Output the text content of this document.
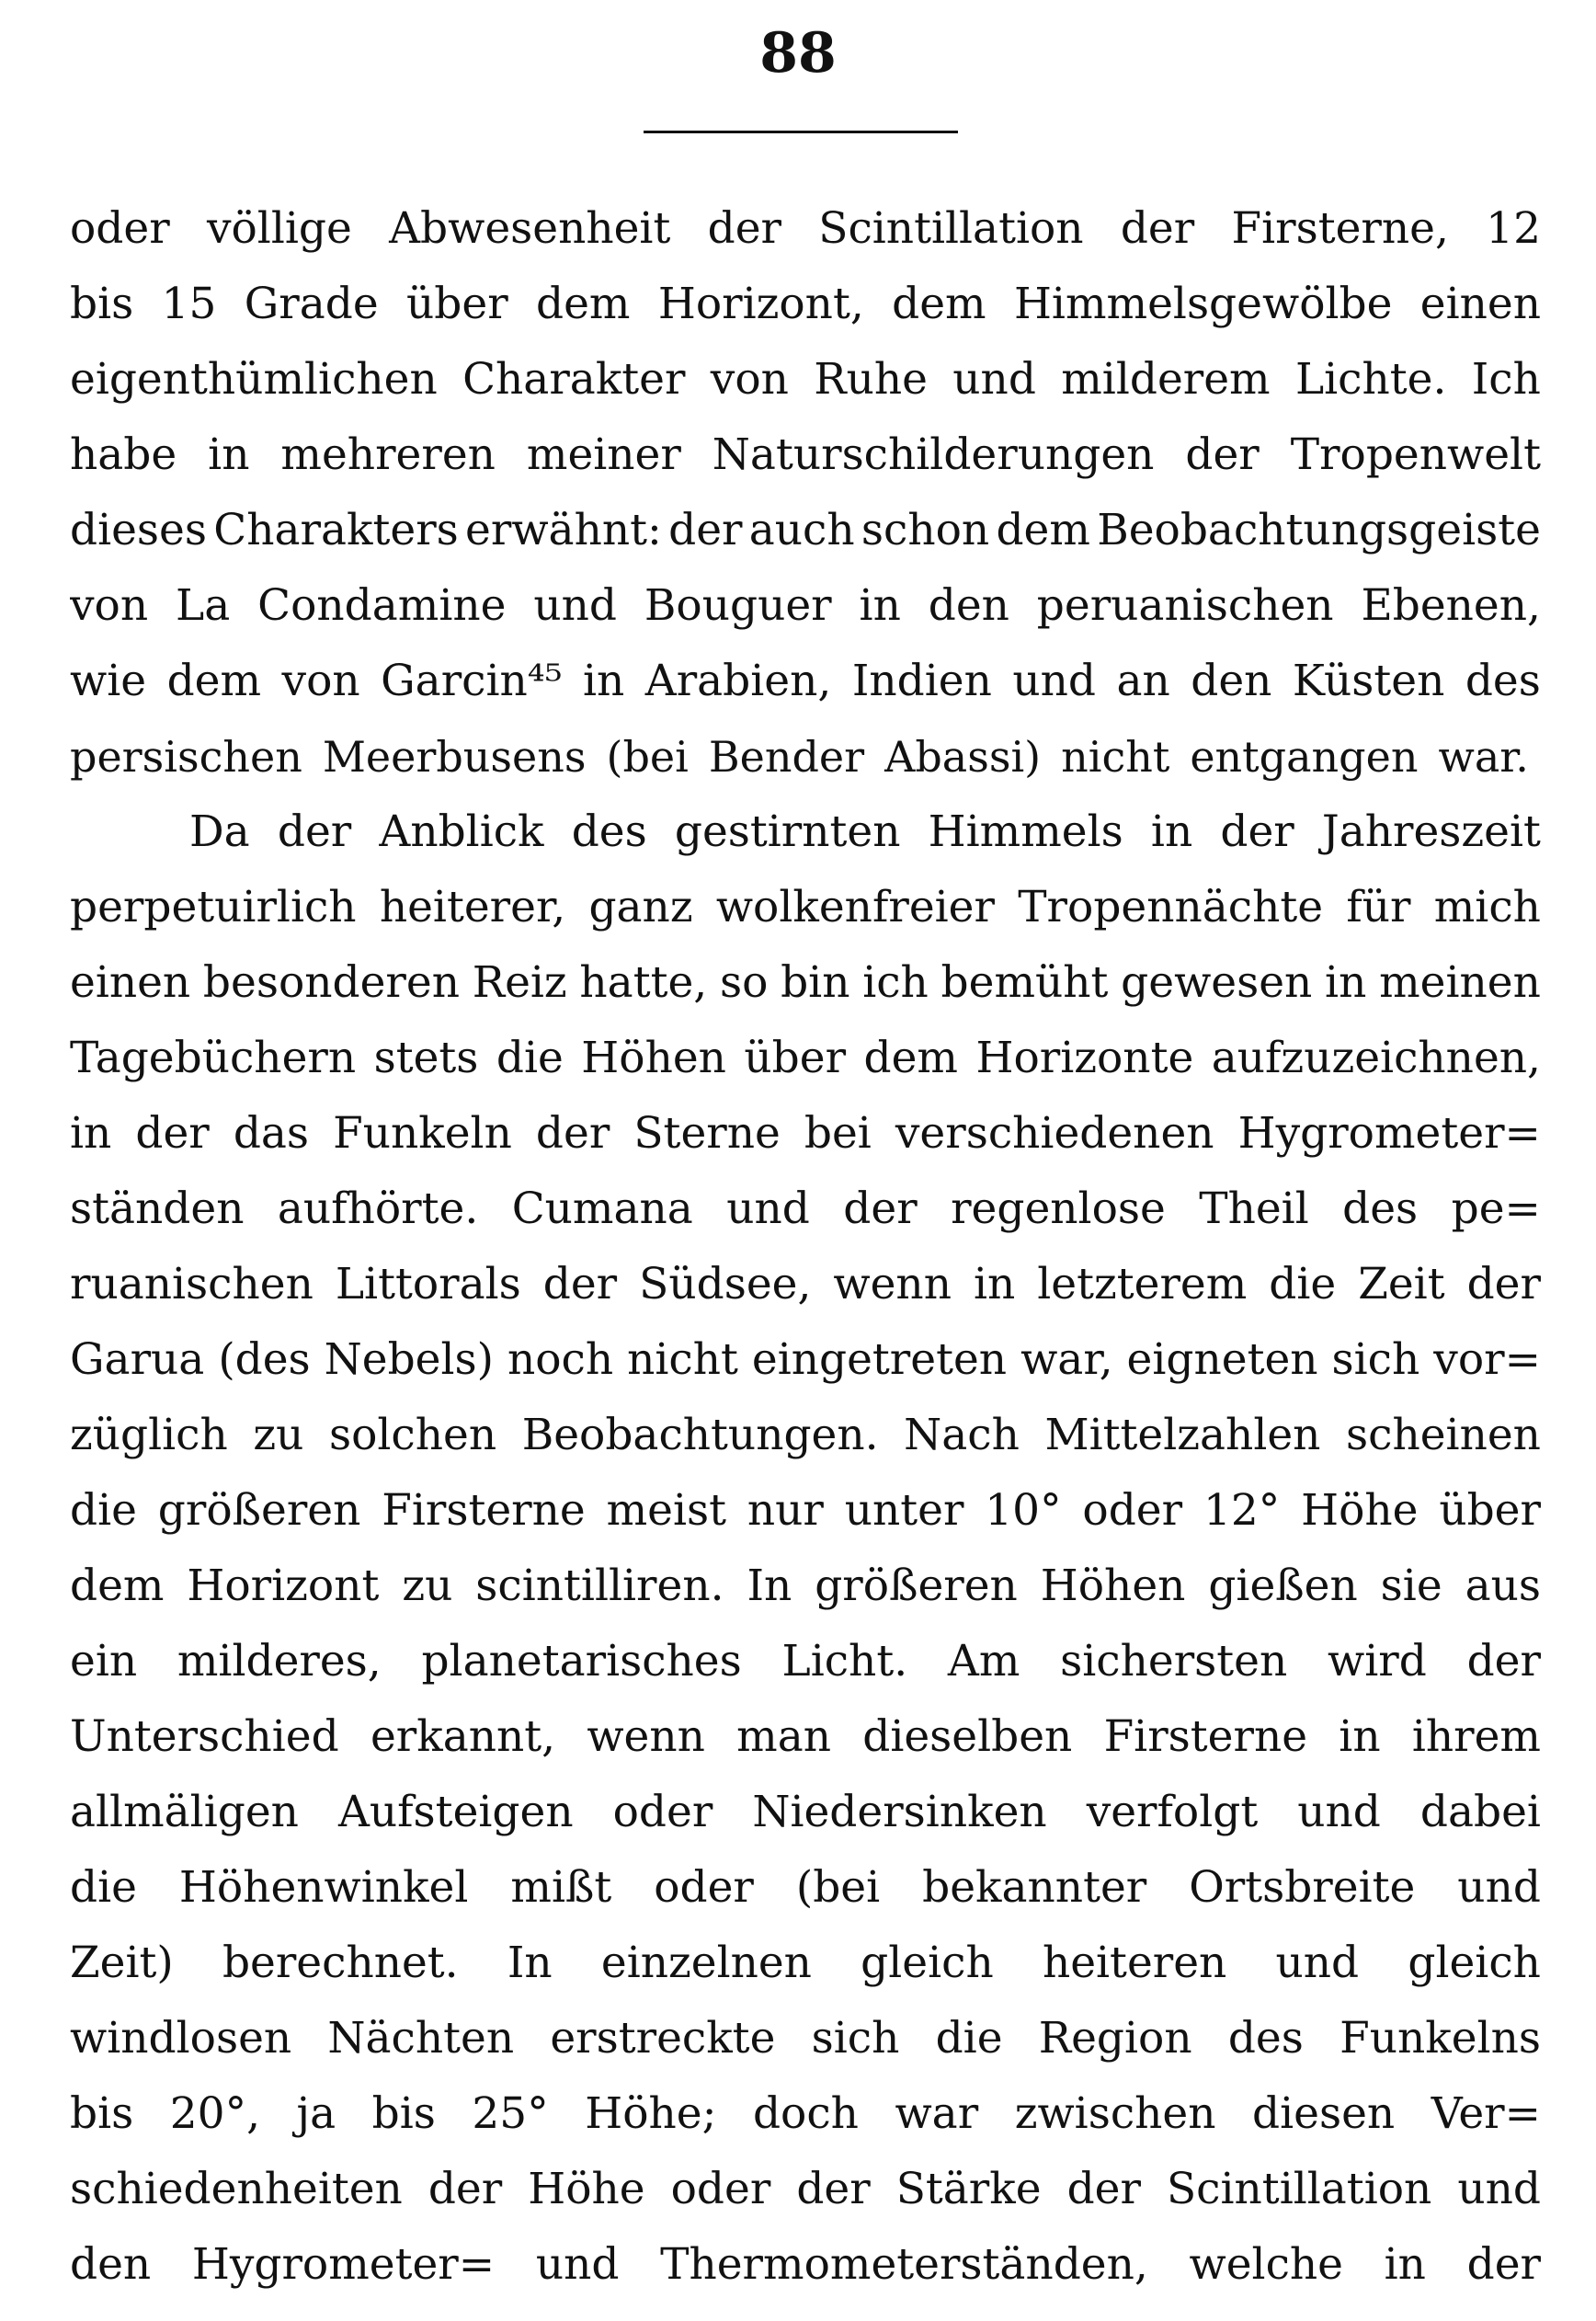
88
oder völlige Abwesenheit der Scintillation der Firsterne, 12
bis 15 Grade über dem Horizont, dem Himmelsgewölbe einen
eigenthümlichen Charakter von Ruhe und milderem Lichte. Ich
habe in mehreren meiner Naturschilderungen der Tropenwelt
dieses Charakters erwähnt: der auch schon dem Beobachtungsgeiste
von La Condamine und Bouguer in den peruanischen Ebenen,
wie dem von Garcin⁴⁵ in Arabien, Indien und an den Küsten des
persischen Meerbusens (bei Bender Abassi) nicht entgangen war.
Da der Anblick des gestirnten Himmels in der Jahreszeit
perpetuirlich heiterer, ganz wolkenfreier Tropennächte für mich
einen besonderen Reiz hatte, so bin ich bemüht gewesen in meinen
Tagebüchern stets die Höhen über dem Horizonte aufzuzeichnen,
in der das Funkeln der Sterne bei verschiedenen Hygrometer=
ständen aufhörte. Cumana und der regenlose Theil des pe=
ruanischen Littorals der Südsee, wenn in letzterem die Zeit der
Garua (des Nebels) noch nicht eingetreten war, eigneten sich vor=
züglich zu solchen Beobachtungen. Nach Mittelzahlen scheinen
die größeren Firsterne meist nur unter 10° oder 12° Höhe über
dem Horizont zu scintilliren. In größeren Höhen gießen sie aus
ein milderes, planetarisches Licht. Am sichersten wird der
Unterschied erkannt, wenn man dieselben Firsterne in ihrem
allmäligen Aufsteigen oder Niedersinken verfolgt und dabei
die Höhenwinkel mißt oder (bei bekannter Ortsbreite und
Zeit) berechnet. In einzelnen gleich heiteren und gleich
windlosen Nächten erstreckte sich die Region des Funkelns
bis 20°, ja bis 25° Höhe; doch war zwischen diesen Ver=
schiedenheiten der Höhe oder der Stärke der Scintillation und
den Hygrometer= und Thermometerständen, welche in der
